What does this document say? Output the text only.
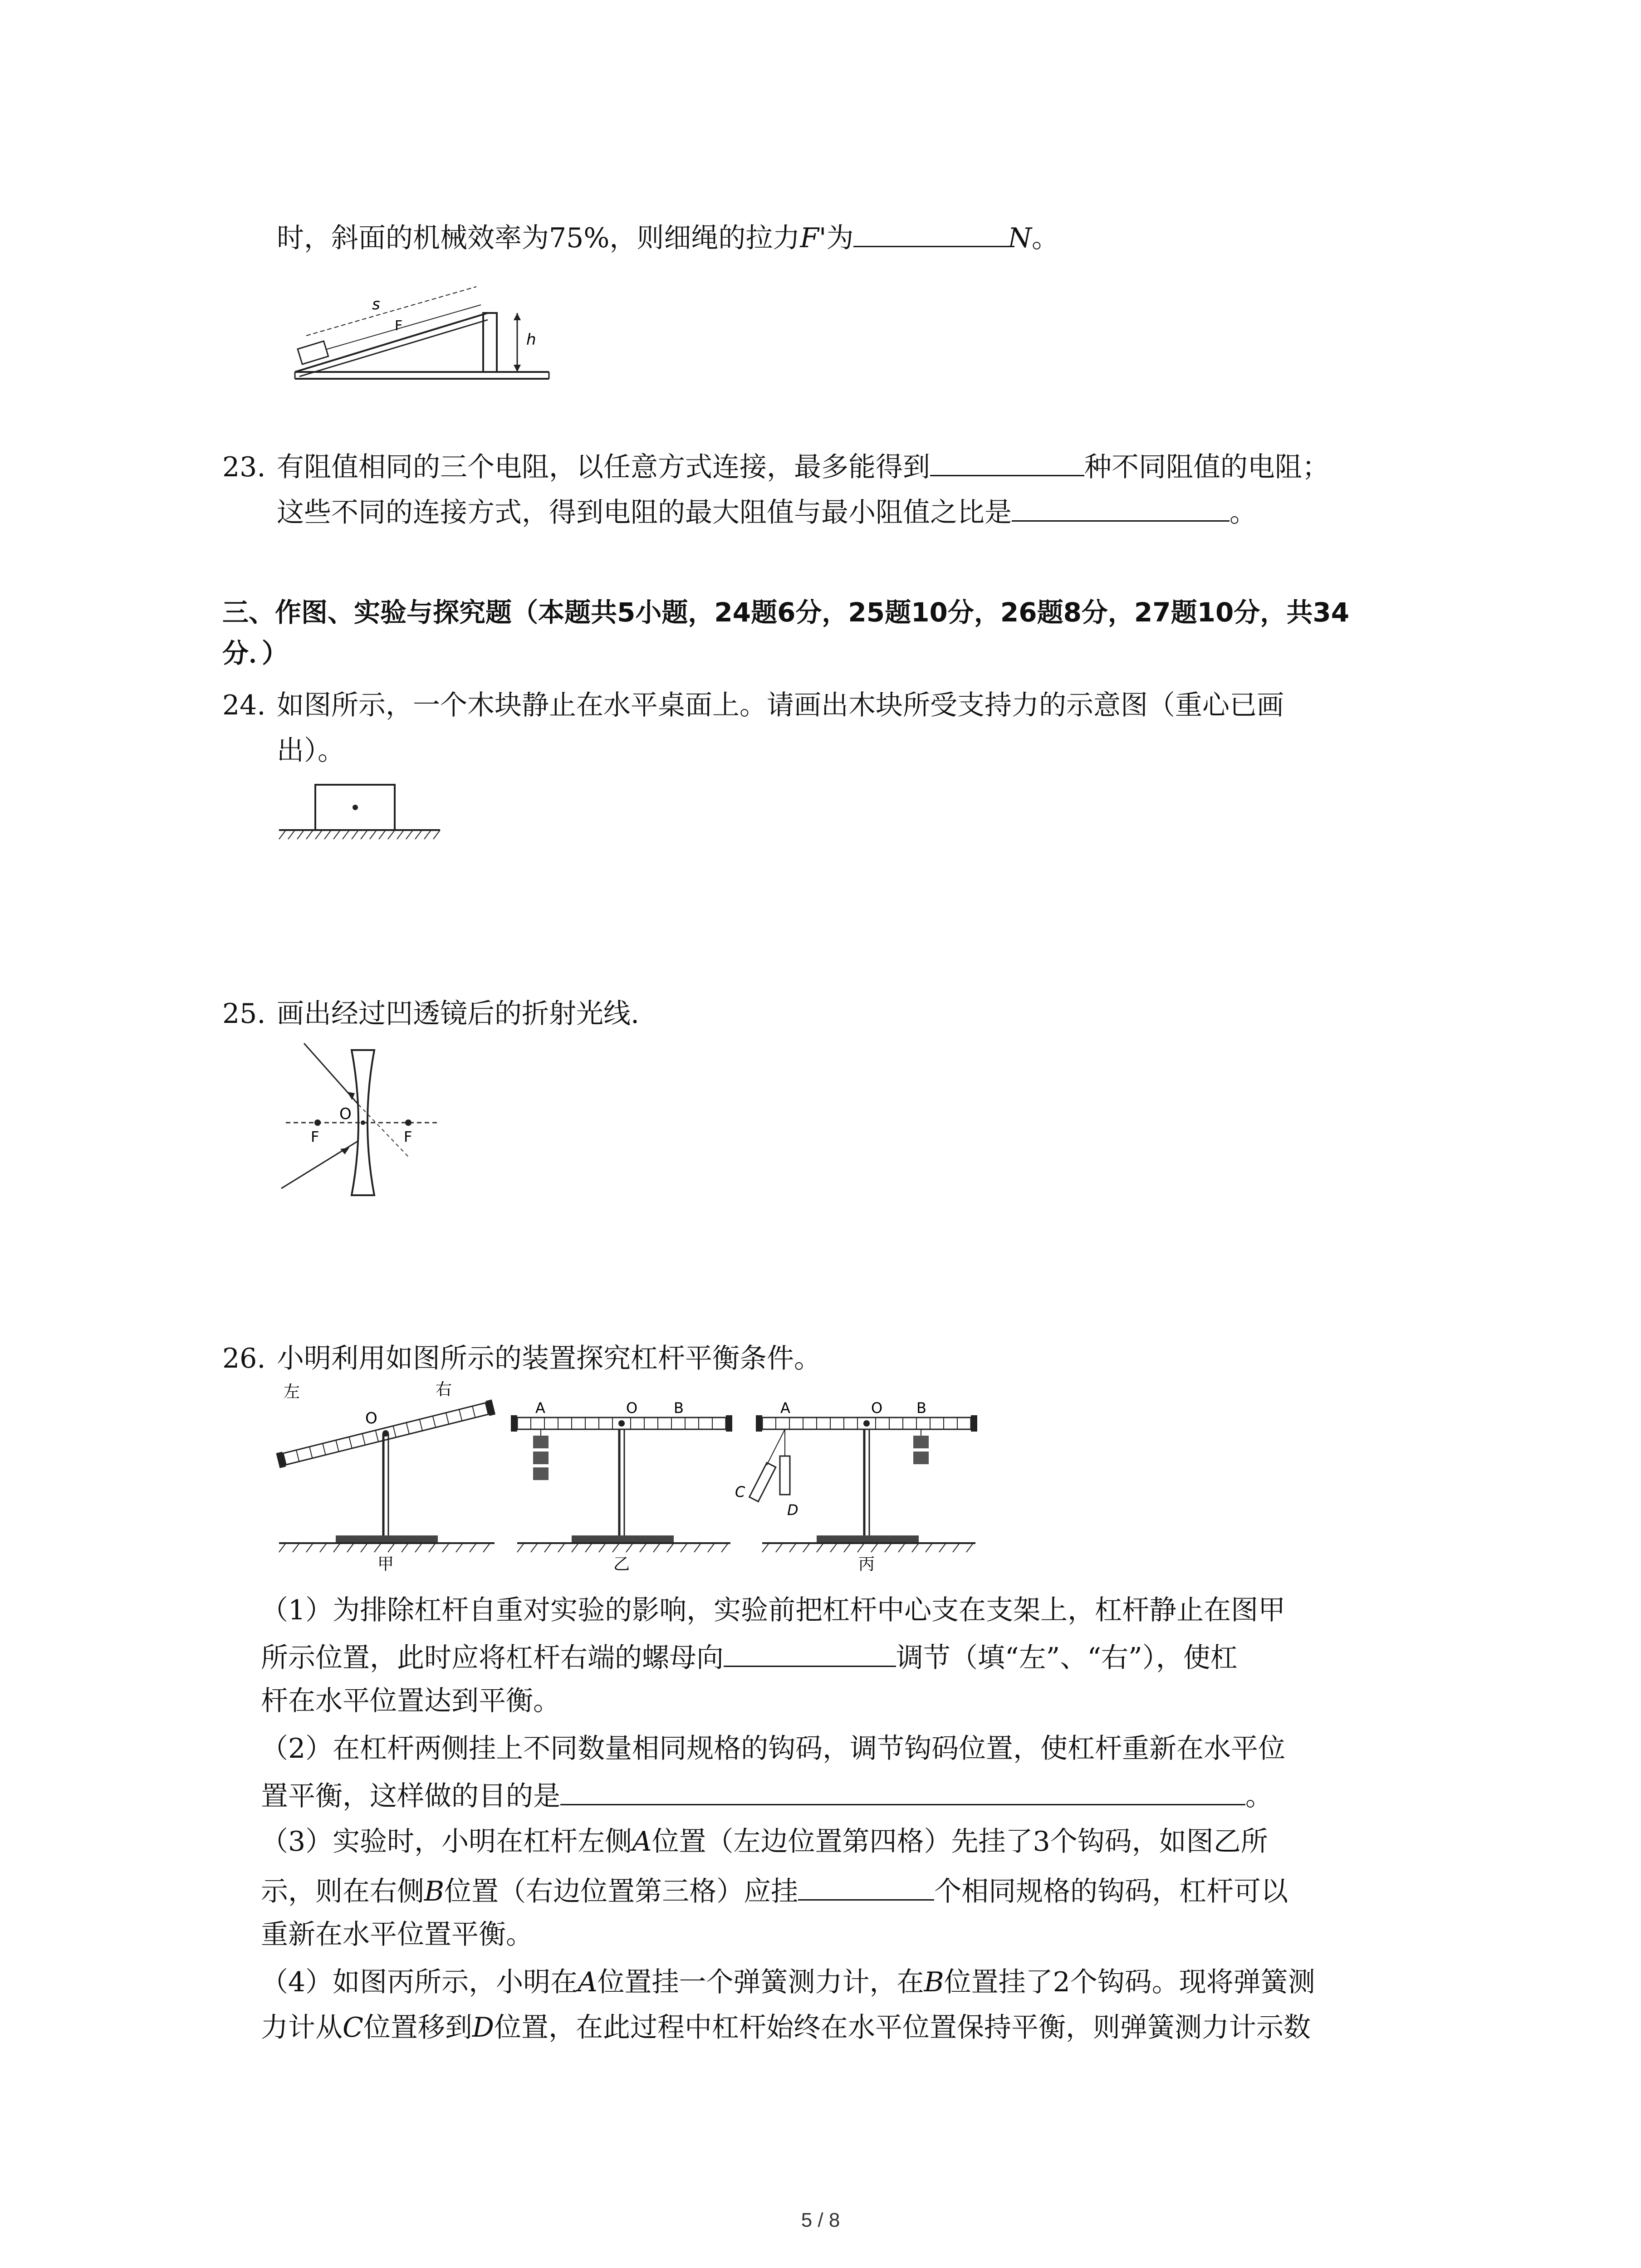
时，斜面的机械效率为75%，则细绳的拉力F'为	N。
s
F
h
23. 有阻值相同的三个电阻，以任意方式连接，最多能得到	种不同阻值的电阻；
这些不同的连接方式，得到电阻的最大阻值与最小阻值之比是	。
三、作图、实验与探究题（本题共5小题，24题6分，25题10分，26题8分，27题10分，共34
分．）
24. 如图所示，一个木块静止在水平桌面上。请画出木块所受支持力的示意图（重心已画
出）。
25. 画出经过凹透镜后的折射光线.
O
F	F
26. 小明利用如图所示的装置探究杠杆平衡条件。
左	右
O
甲
A	O B
乙
A	O B
C
D
丙
（1）为排除杠杆自重对实验的影响，实验前把杠杆中心支在支架上，杠杆静止在图甲
所示位置，此时应将杠杆右端的螺母向	调节（填“左”、“右”），使杠
杆在水平位置达到平衡。
（2）在杠杆两侧挂上不同数量相同规格的钩码，调节钩码位置，使杠杆重新在水平位
置平衡，这样做的目的是	。
（3）实验时，小明在杠杆左侧A位置（左边位置第四格）先挂了3个钩码，如图乙所
示，则在右侧B位置（右边位置第三格）应挂	个相同规格的钩码，杠杆可以
重新在水平位置平衡。
（4）如图丙所示，小明在A位置挂一个弹簧测力计，在B位置挂了2个钩码。现将弹簧测
力计从C位置移到D位置，在此过程中杠杆始终在水平位置保持平衡，则弹簧测力计示数
5 / 8
